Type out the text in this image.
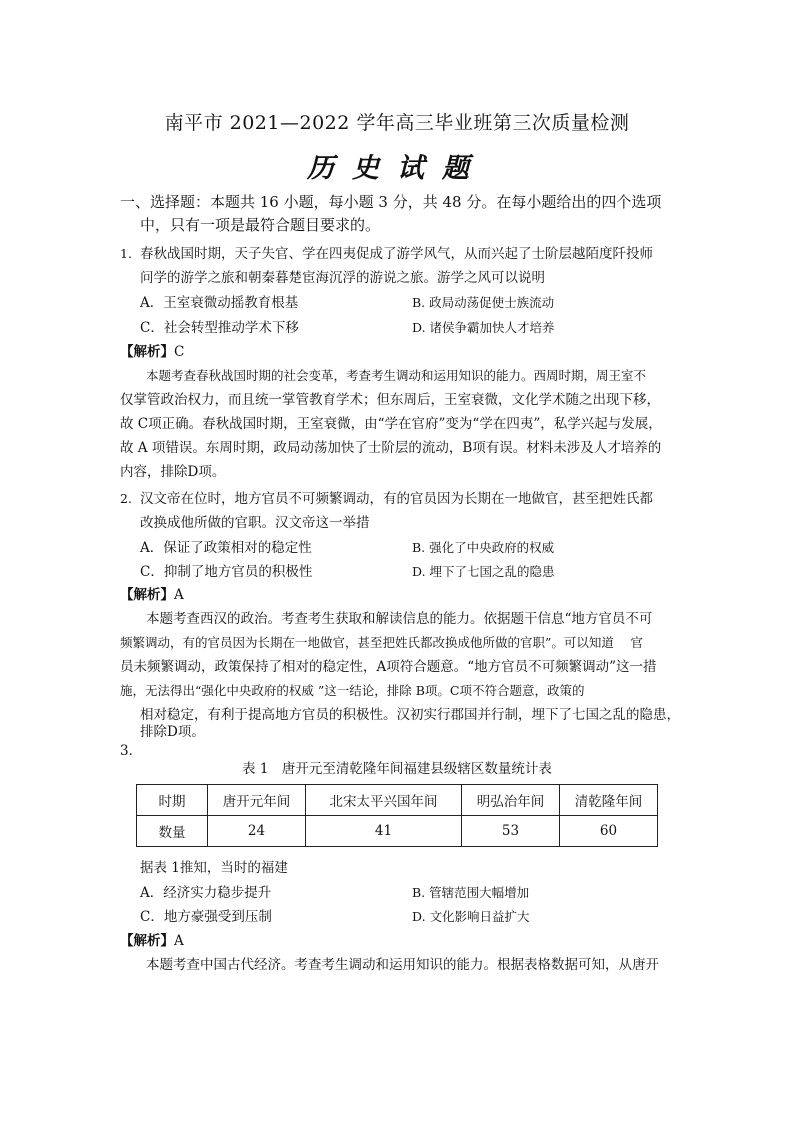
南平市 2021—2022 学年高三毕业班第三次质量检测
历史试题
一、选择题：本题共 16 小题，每小题 3 分，共 48 分。在每小题给出的四个选项
中，只有一项是最符合题目要求的。
1. 春秋战国时期，天子失官、学在四夷促成了游学风气，从而兴起了士阶层越陌度阡投师
问学的游学之旅和朝秦暮楚宦海沉浮的游说之旅。游学之风可以说明
A．王室衰微动摇教育根基	B. 政局动荡促使士族流动
C．社会转型推动学术下移	D. 诸侯争霸加快人才培养
【解析】C
本题考查春秋战国时期的社会变革，考查考生调动和运用知识的能力。西周时期，周王室不
仅掌管政治权力，而且统一掌管教育学术；但东周后，王室衰微，文化学术随之出现下移，
故 C项正确。春秋战国时期，王室衰微，由“学在官府”变为“学在四夷”，私学兴起与发展，
故 A 项错误。东周时期，政局动荡加快了士阶层的流动，B项有误。材料未涉及人才培养的
内容，排除D项。
2. 汉文帝在位时，地方官员不可频繁调动，有的官员因为长期在一地做官，甚至把姓氏都
改换成他所做的官职。汉文帝这一举措
A．保证了政策相对的稳定性	B. 强化了中央政府的权威
C．抑制了地方官员的积极性	D. 埋下了七国之乱的隐患
【解析】A
本题考查西汉的政治。考查考生获取和解读信息的能力。依据题干信息“地方官员不可
频繁调动，有的官员因为长期在一地做官，甚至把姓氏都改换成他所做的官职”。可以知道　 官
员未频繁调动，政策保持了相对的稳定性，A项符合题意。“地方官员不可频繁调动”这一措
施，无法得出“强化中央政府的权威 ”这一结论，排除 B项。C项不符合题意，政策的
相对稳定，有利于提高地方官员的积极性。汉初实行郡国并行制，埋下了七国之乱的隐患，
排除D项。
3．
表 1　唐开元至清乾隆年间福建县级辖区数量统计表
时期	唐开元年间	北宋太平兴国年间	明弘治年间	清乾隆年间
数量	24	41	53	60
据表 1推知，当时的福建
A．经济实力稳步提升	B. 管辖范围大幅增加
C．地方豪强受到压制	D. 文化影响日益扩大
【解析】A
本题考查中国古代经济。考查考生调动和运用知识的能力。根据表格数据可知，从唐开
